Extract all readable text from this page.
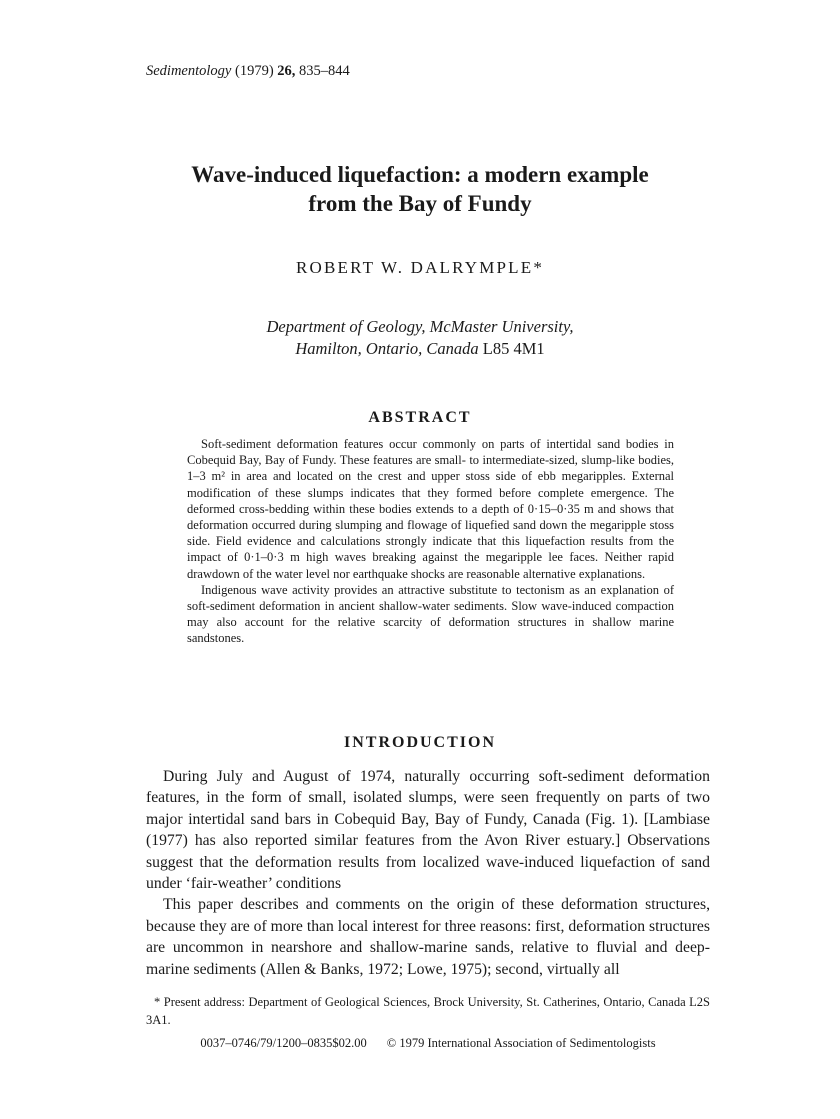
Sedimentology (1979) 26, 835–844
Wave-induced liquefaction: a modern example
from the Bay of Fundy
ROBERT W. DALRYMPLE*
Department of Geology, McMaster University,
Hamilton, Ontario, Canada L85 4M1
ABSTRACT

Soft-sediment deformation features occur commonly on parts of intertidal sand bodies in Cobequid Bay, Bay of Fundy. These features are small- to intermediate-sized, slump-like bodies, 1–3 m² in area and located on the crest and upper stoss side of ebb megaripples. External modification of these slumps indicates that they formed before complete emergence. The deformed cross-bedding within these bodies extends to a depth of 0·15–0·35 m and shows that deformation occurred during slumping and flowage of liquefied sand down the megaripple stoss side. Field evidence and calculations strongly indicate that this liquefaction results from the impact of 0·1–0·3 m high waves breaking against the megaripple lee faces. Neither rapid drawdown of the water level nor earthquake shocks are reasonable alternative explanations.

Indigenous wave activity provides an attractive substitute to tectonism as an explanation of soft-sediment deformation in ancient shallow-water sediments. Slow wave-induced compaction may also account for the relative scarcity of deformation structures in shallow marine sandstones.

INTRODUCTION

During July and August of 1974, naturally occurring soft-sediment deformation features, in the form of small, isolated slumps, were seen frequently on parts of two major intertidal sand bars in Cobequid Bay, Bay of Fundy, Canada (Fig. 1). [Lambiase (1977) has also reported similar features from the Avon River estuary.] Observations suggest that the deformation results from localized wave-induced liquefaction of sand under ‘fair-weather’ conditions

This paper describes and comments on the origin of these deformation structures, because they are of more than local interest for three reasons: first, deformation structures are uncommon in nearshore and shallow-marine sands, relative to fluvial and deep-marine sediments (Allen & Banks, 1972; Lowe, 1975); second, virtually all

* Present address: Department of Geological Sciences, Brock University, St. Catherines, Ontario, Canada L2S 3A1.

0037–0746/79/1200–0835$02.00 © 1979 International Association of Sedimentologists
